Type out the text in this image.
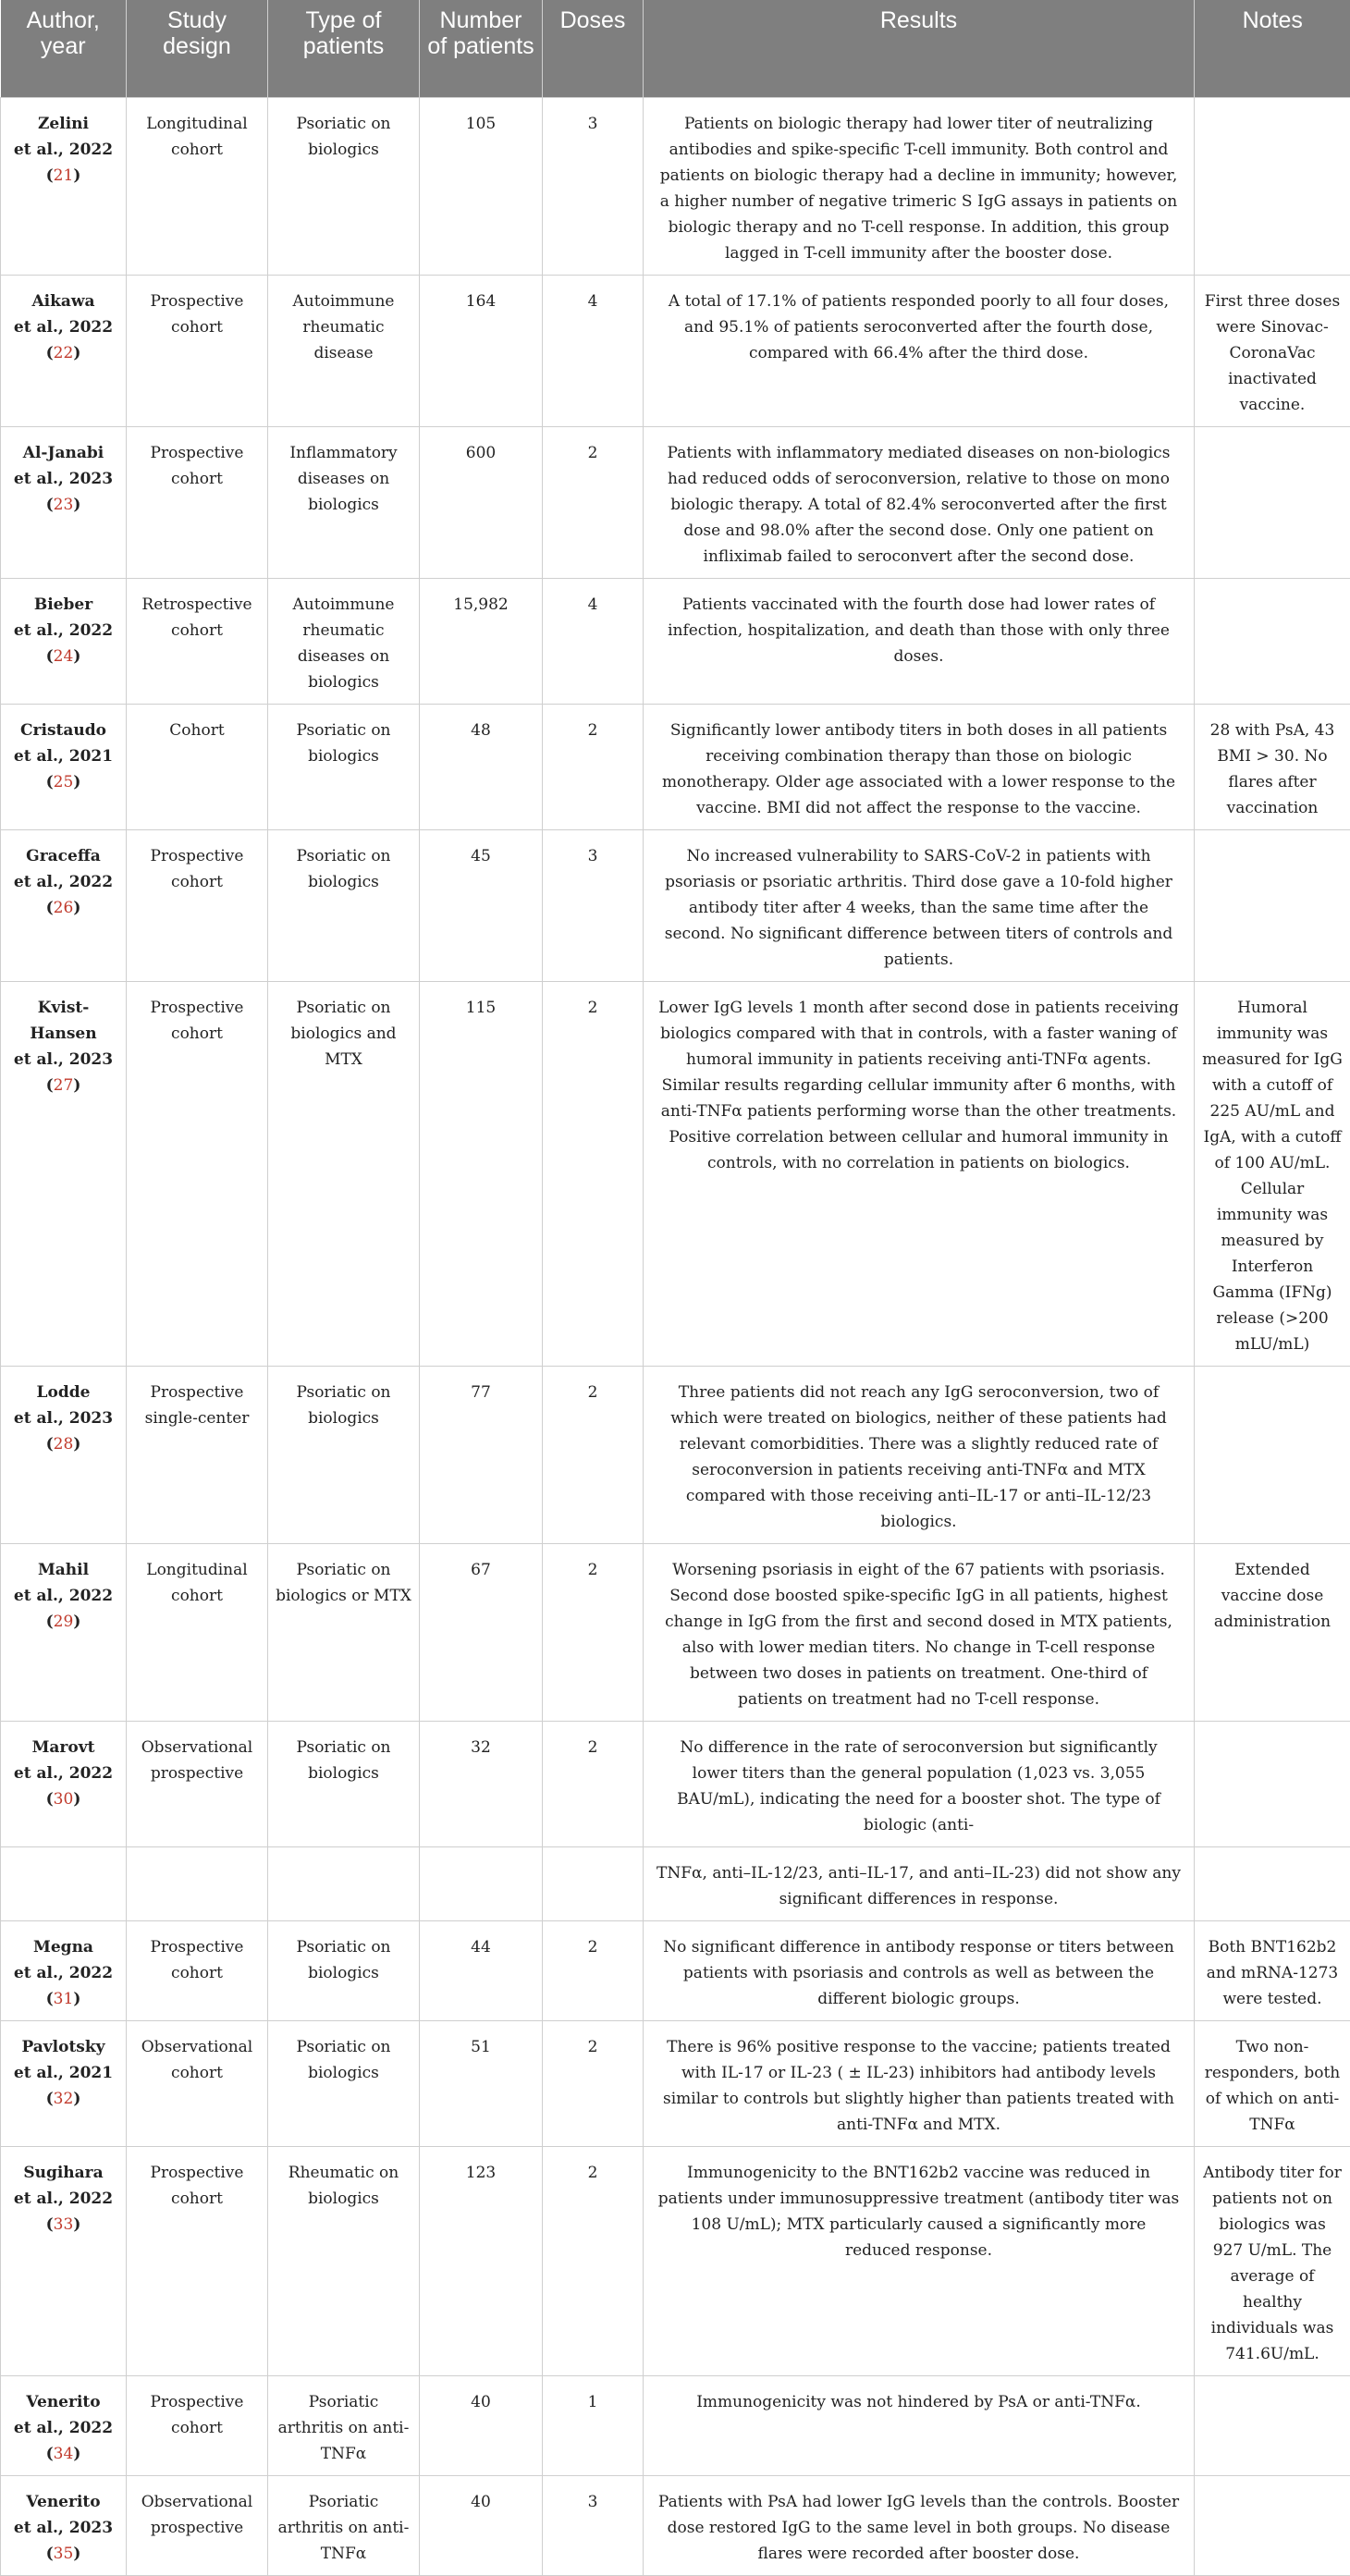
Author, year	Study design	Type of patients	Number of patients	Doses	Results	Notes
Zelini
et al., 2022 (21)	Longitudinal cohort	Psoriatic on biologics	105	3	Patients on biologic therapy had lower titer of neutralizing antibodies and spike-specific T-cell immunity. Both control and patients on biologic therapy had a decline in immunity; however, a higher number of negative trimeric S IgG assays in patients on biologic therapy and no T-cell response. In addition, this group lagged in T-cell immunity after the booster dose.	
Aikawa
et al., 2022 (22)	Prospective cohort	Autoimmune rheumatic disease	164	4	A total of 17.1% of patients responded poorly to all four doses, and 95.1% of patients seroconverted after the fourth dose, compared with 66.4% after the third dose.	First three doses were Sinovac-CoronaVac inactivated vaccine.
Al-Janabi
et al., 2023 (23)	Prospective cohort	Inflammatory diseases on biologics	600	2	Patients with inflammatory mediated diseases on non-biologics had reduced odds of seroconversion, relative to those on mono biologic therapy. A total of 82.4% seroconverted after the first dose and 98.0% after the second dose. Only one patient on infliximab failed to seroconvert after the second dose.	
Bieber
et al., 2022 (24)	Retrospective cohort	Autoimmune rheumatic diseases on biologics	15,982	4	Patients vaccinated with the fourth dose had lower rates of infection, hospitalization, and death than those with only three doses.	
Cristaudo
et al., 2021 (25)	Cohort	Psoriatic on biologics	48	2	Significantly lower antibody titers in both doses in all patients receiving combination therapy than those on biologic monotherapy. Older age associated with a lower response to the vaccine. BMI did not affect the response to the vaccine.	28 with PsA, 43 BMI > 30. No flares after vaccination
Graceffa
et al., 2022 (26)	Prospective cohort	Psoriatic on biologics	45	3	No increased vulnerability to SARS-CoV-2 in patients with psoriasis or psoriatic arthritis. Third dose gave a 10-fold higher antibody titer after 4 weeks, than the same time after the second. No significant difference between titers of controls and patients.	
Kvist-Hansen
et al., 2023 (27)	Prospective cohort	Psoriatic on biologics and MTX	115	2	Lower IgG levels 1 month after second dose in patients receiving biologics compared with that in controls, with a faster waning of humoral immunity in patients receiving anti-TNFα agents. Similar results regarding cellular immunity after 6 months, with anti-TNFα patients performing worse than the other treatments. Positive correlation between cellular and humoral immunity in controls, with no correlation in patients on biologics.	Humoral immunity was measured for IgG with a cutoff of 225 AU/mL and IgA, with a cutoff of 100 AU/mL. Cellular immunity was measured by Interferon Gamma (IFNg) release (>200 mLU/mL)
Lodde
et al., 2023 (28)	Prospective single-center	Psoriatic on biologics	77	2	Three patients did not reach any IgG seroconversion, two of which were treated on biologics, neither of these patients had relevant comorbidities. There was a slightly reduced rate of seroconversion in patients receiving anti-TNFα and MTX compared with those receiving anti–IL-17 or anti–IL-12/23 biologics.	
Mahil
et al., 2022 (29)	Longitudinal cohort	Psoriatic on biologics or MTX	67	2	Worsening psoriasis in eight of the 67 patients with psoriasis. Second dose boosted spike-specific IgG in all patients, highest change in IgG from the first and second dosed in MTX patients, also with lower median titers. No change in T-cell response between two doses in patients on treatment. One-third of patients on treatment had no T-cell response.	Extended vaccine dose administration
Marovt
et al., 2022 (30)	Observational prospective	Psoriatic on biologics	32	2	No difference in the rate of seroconversion but significantly lower titers than the general population (1,023 vs. 3,055 BAU/mL), indicating the need for a booster shot. The type of biologic (anti-	
					TNFα, anti–IL-12/23, anti–IL-17, and anti–IL-23) did not show any significant differences in response.	
Megna
et al., 2022 (31)	Prospective cohort	Psoriatic on biologics	44	2	No significant difference in antibody response or titers between patients with psoriasis and controls as well as between the different biologic groups.	Both BNT162b2 and mRNA-1273 were tested.
Pavlotsky
et al., 2021 (32)	Observational cohort	Psoriatic on biologics	51	2	There is 96% positive response to the vaccine; patients treated with IL-17 or IL-23 ( ± IL-23) inhibitors had antibody levels similar to controls but slightly higher than patients treated with anti-TNFα and MTX.	Two non-responders, both of which on anti-TNFα
Sugihara
et al., 2022 (33)	Prospective cohort	Rheumatic on biologics	123	2	Immunogenicity to the BNT162b2 vaccine was reduced in patients under immunosuppressive treatment (antibody titer was 108 U/mL); MTX particularly caused a significantly more reduced response.	Antibody titer for patients not on biologics was 927 U/mL. The average of healthy individuals was 741.6U/mL.
Venerito
et al., 2022 (34)	Prospective cohort	Psoriatic arthritis on anti-TNFα	40	1	Immunogenicity was not hindered by PsA or anti-TNFα.	
Venerito
et al., 2023 (35)	Observational prospective	Psoriatic arthritis on anti-TNFα	40	3	Patients with PsA had lower IgG levels than the controls. Booster dose restored IgG to the same level in both groups. No disease flares were recorded after booster dose.	
